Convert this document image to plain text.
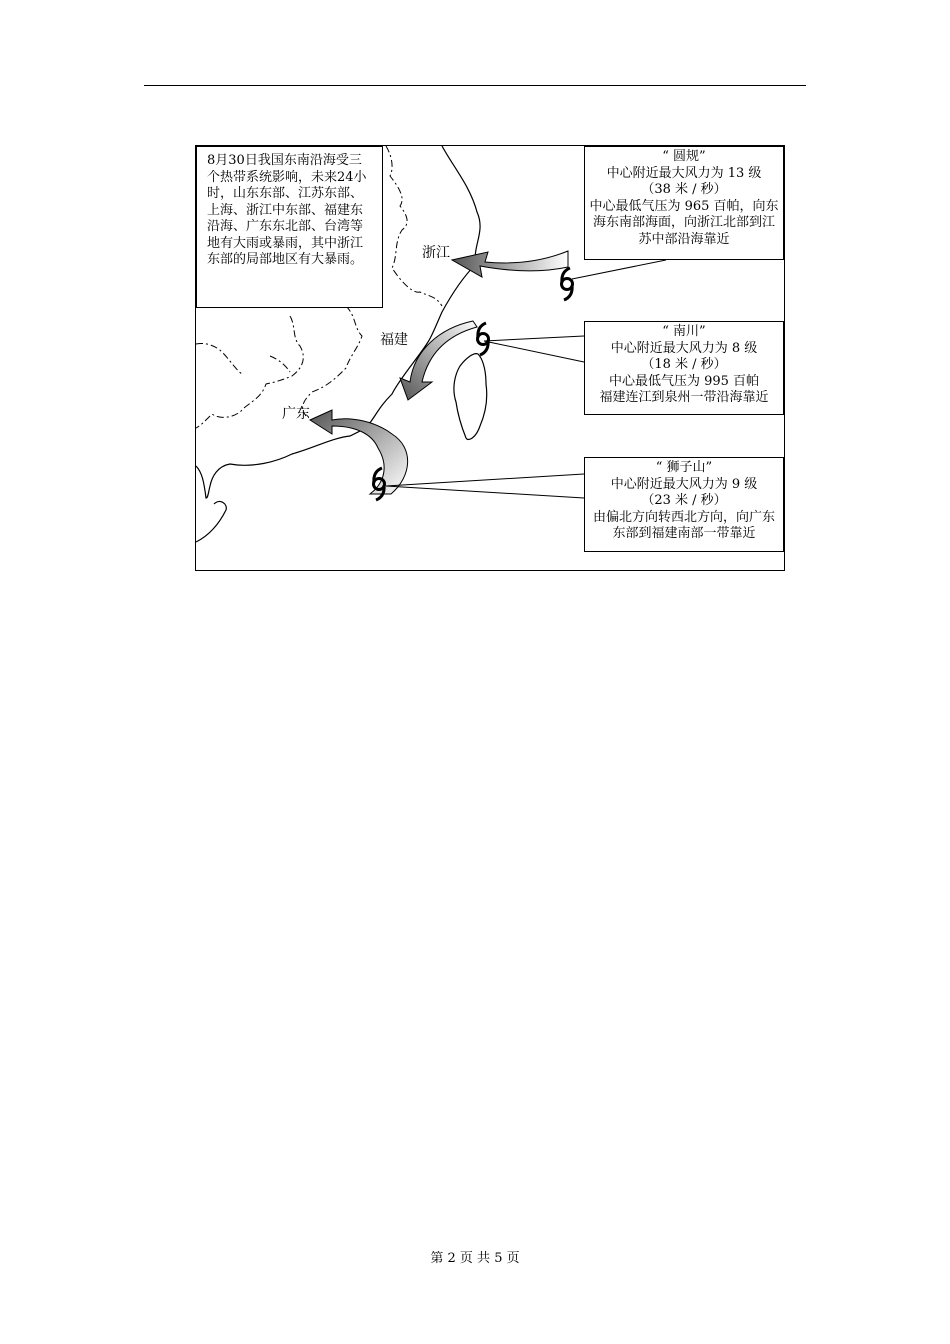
浙江
福建
广东
8月30日我国东南沿海受三个热带系统影响，未来24小时，山东东部、江苏东部、上海、浙江中东部、福建东沿海、广东东北部、台湾等地有大雨或暴雨，其中浙江东部的局部地区有大暴雨。
“ 圆规”
中心附近最大风力为 13 级
（38 米 / 秒）
中心最低气压为 965 百帕，向东
海东南部海面，向浙江北部到江
苏中部沿海靠近
“ 南川”
中心附近最大风力为 8 级
（18 米 / 秒）
中心最低气压为 995 百帕
福建连江到泉州一带沿海靠近
“ 狮子山”
中心附近最大风力为 9 级
（23 米 / 秒）
由偏北方向转西北方向，向广东
东部到福建南部一带靠近
第 2 页 共 5 页
